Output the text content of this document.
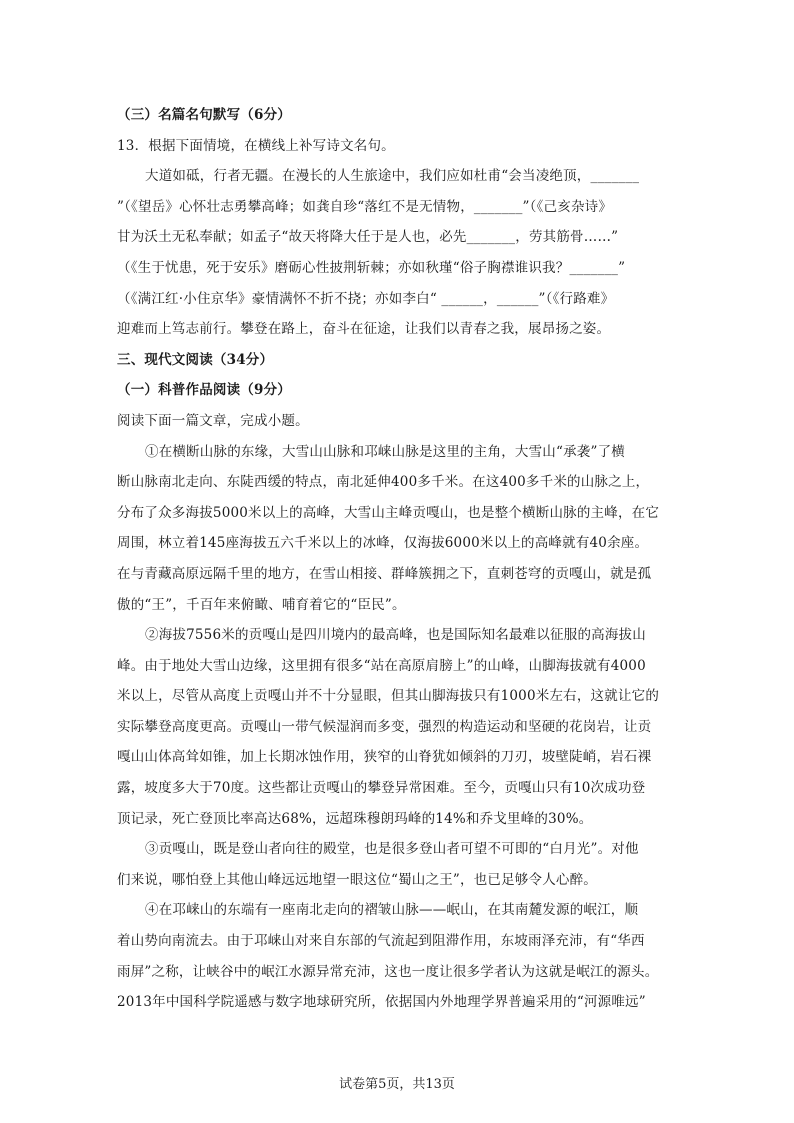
（三）名篇名句默写（6分）
13．根据下面情境，在横线上补写诗文名句。
大道如砥，行者无疆。在漫长的人生旅途中，我们应如杜甫“会当凌绝顶，_______
”（《望岳》心怀壮志勇攀高峰；如龚自珍“落红不是无情物，_______”（《己亥杂诗》
甘为沃土无私奉献；如孟子“故天将降大任于是人也，必先_______，劳其筋骨……”
（《生于忧患，死于安乐》磨砺心性披荆斩棘；亦如秋瑾“俗子胸襟谁识我？_______”
（《满江红·小住京华》豪情满怀不折不挠；亦如李白“ ______，______”（《行路难》
迎难而上笃志前行。攀登在路上，奋斗在征途，让我们以青春之我，展昂扬之姿。
三、现代文阅读（34分）
（一）科普作品阅读（9分）
阅读下面一篇文章，完成小题。
①在横断山脉的东缘，大雪山山脉和邛崃山脉是这里的主角，大雪山“承袭”了横
断山脉南北走向、东陡西缓的特点，南北延伸400多千米。在这400多千米的山脉之上，
分布了众多海拔5000米以上的高峰，大雪山主峰贡嘎山，也是整个横断山脉的主峰，在它
周围，林立着145座海拔五六千米以上的冰峰，仅海拔6000米以上的高峰就有40余座。
在与青藏高原远隔千里的地方，在雪山相接、群峰簇拥之下，直刺苍穹的贡嘎山，就是孤
傲的“王”，千百年来俯瞰、哺育着它的“臣民”。
②海拔7556米的贡嘎山是四川境内的最高峰，也是国际知名最难以征服的高海拔山
峰。由于地处大雪山边缘，这里拥有很多“站在高原肩膀上”的山峰，山脚海拔就有4000
米以上，尽管从高度上贡嘎山并不十分显眼，但其山脚海拔只有1000米左右，这就让它的
实际攀登高度更高。贡嘎山一带气候湿润而多变，强烈的构造运动和坚硬的花岗岩，让贡
嘎山山体高耸如锥，加上长期冰蚀作用，狭窄的山脊犹如倾斜的刀刃，坡壁陡峭，岩石裸
露，坡度多大于70度。这些都让贡嘎山的攀登异常困难。至今，贡嘎山只有10次成功登
顶记录，死亡登顶比率高达68%，远超珠穆朗玛峰的14%和乔戈里峰的30%。
③贡嘎山，既是登山者向往的殿堂，也是很多登山者可望不可即的“白月光”。对他
们来说，哪怕登上其他山峰远远地望一眼这位“蜀山之王”，也已足够令人心醉。
④在邛崃山的东端有一座南北走向的褶皱山脉——岷山，在其南麓发源的岷江，顺
着山势向南流去。由于邛崃山对来自东部的气流起到阻滞作用，东坡雨泽充沛，有“华西
雨屏”之称，让峡谷中的岷江水源异常充沛，这也一度让很多学者认为这就是岷江的源头。
2013年中国科学院遥感与数字地球研究所，依据国内外地理学界普遍采用的“河源唯远”
试卷第5页，共13页
